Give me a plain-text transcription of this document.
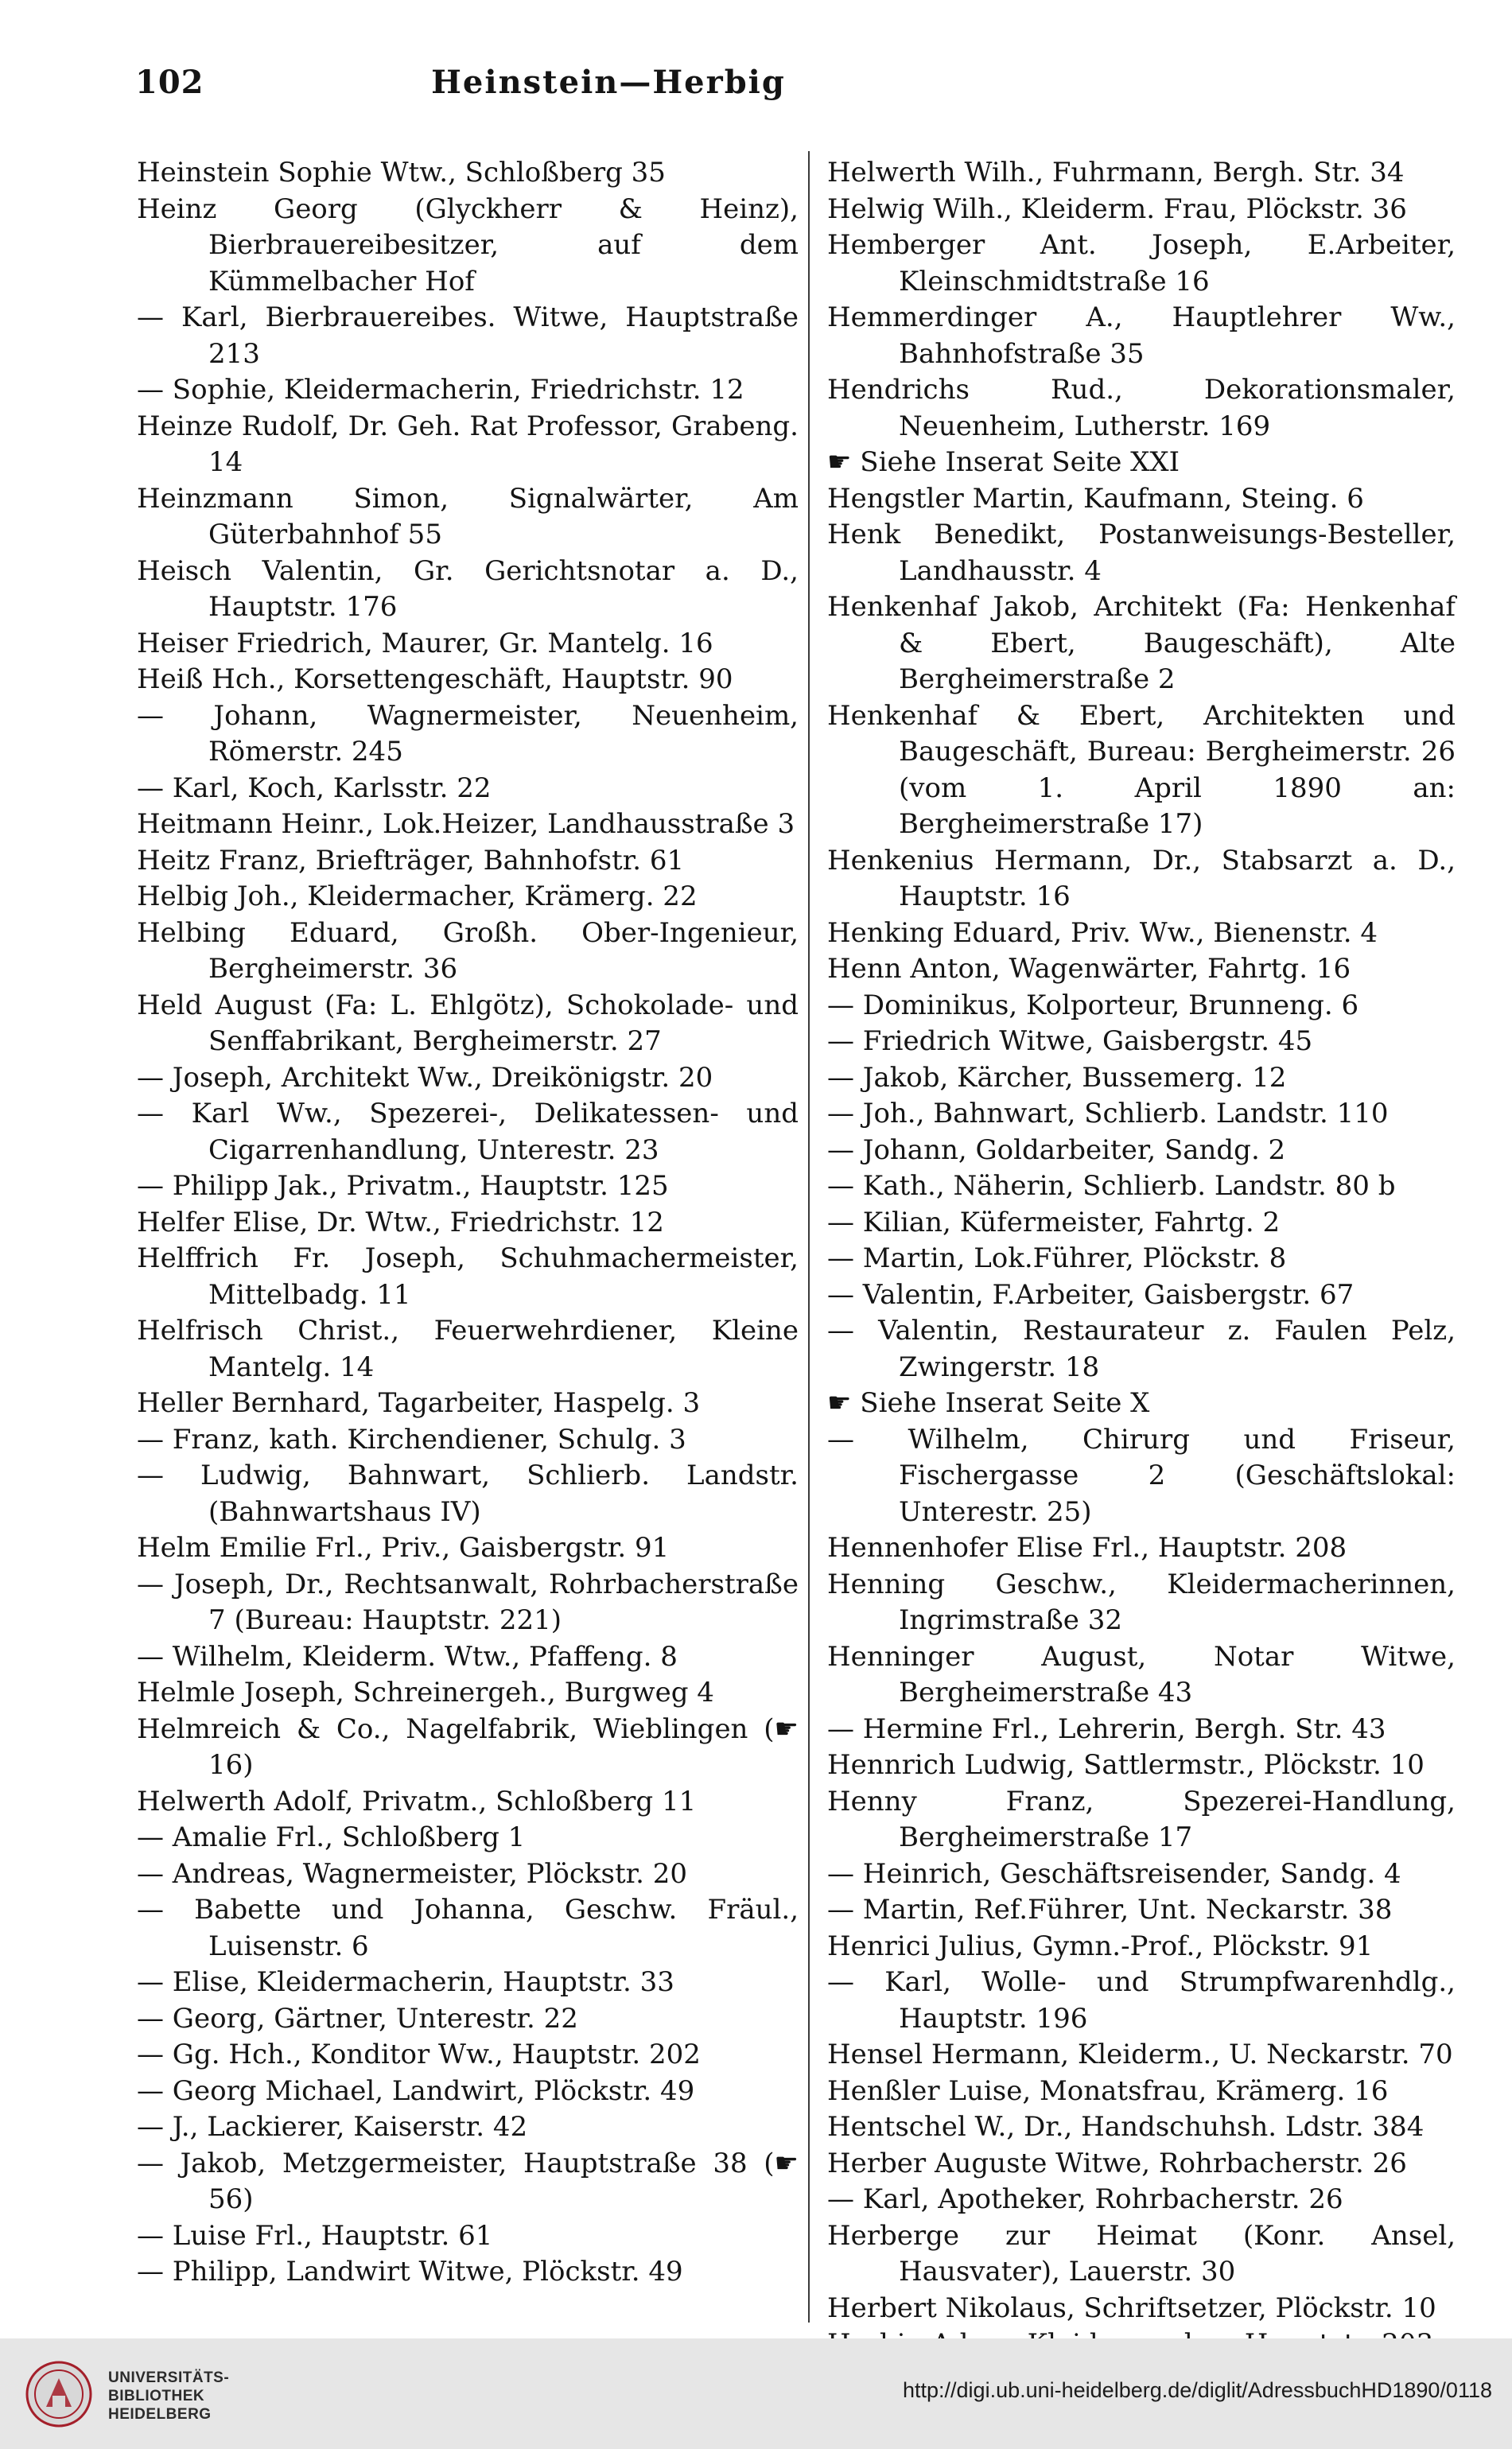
102	Heinstein—Herbig

Heinstein Sophie Wtw., Schloßberg 35

Heinz Georg (Glyckherr & Heinz), Bierbrauereibesitzer, auf dem Kümmelbacher Hof

— Karl, Bierbrauereibes. Witwe, Hauptstraße 213

— Sophie, Kleidermacherin, Friedrichstr. 12

Heinze Rudolf, Dr. Geh. Rat Professor, Grabeng. 14

Heinzmann Simon, Signalwärter, Am Güterbahnhof 55

Heisch Valentin, Gr. Gerichtsnotar a. D., Hauptstr. 176

Heiser Friedrich, Maurer, Gr. Mantelg. 16

Heiß Hch., Korsettengeschäft, Hauptstr. 90

— Johann, Wagnermeister, Neuenheim, Römerstr. 245

— Karl, Koch, Karlsstr. 22

Heitmann Heinr., Lok.Heizer, Landhausstraße 3

Heitz Franz, Briefträger, Bahnhofstr. 61

Helbig Joh., Kleidermacher, Krämerg. 22

Helbing Eduard, Großh. Ober-Ingenieur, Bergheimerstr. 36

Held August (Fa: L. Ehlgötz), Schokolade- und Senffabrikant, Bergheimerstr. 27

— Joseph, Architekt Ww., Dreikönigstr. 20

— Karl Ww., Spezerei-, Delikatessen- und Cigarrenhandlung, Unterestr. 23

— Philipp Jak., Privatm., Hauptstr. 125

Helfer Elise, Dr. Wtw., Friedrichstr. 12

Helffrich Fr. Joseph, Schuhmachermeister, Mittelbadg. 11

Helfrisch Christ., Feuerwehrdiener, Kleine Mantelg. 14

Heller Bernhard, Tagarbeiter, Haspelg. 3

— Franz, kath. Kirchendiener, Schulg. 3

— Ludwig, Bahnwart, Schlierb. Landstr. (Bahnwartshaus IV)

Helm Emilie Frl., Priv., Gaisbergstr. 91

— Joseph, Dr., Rechtsanwalt, Rohrbacherstraße 7 (Bureau: Hauptstr. 221)

— Wilhelm, Kleiderm. Wtw., Pfaffeng. 8

Helmle Joseph, Schreinergeh., Burgweg 4

Helmreich & Co., Nagelfabrik, Wieblingen (☛ 16)

Helwerth Adolf, Privatm., Schloßberg 11

— Amalie Frl., Schloßberg 1

— Andreas, Wagnermeister, Plöckstr. 20

— Babette und Johanna, Geschw. Fräul., Luisenstr. 6

— Elise, Kleidermacherin, Hauptstr. 33

— Georg, Gärtner, Unterestr. 22

— Gg. Hch., Konditor Ww., Hauptstr. 202

— Georg Michael, Landwirt, Plöckstr. 49

— J., Lackierer, Kaiserstr. 42

— Jakob, Metzgermeister, Hauptstraße 38 (☛ 56)

— Luise Frl., Hauptstr. 61

— Philipp, Landwirt Witwe, Plöckstr. 49

Helwerth Wilh., Fuhrmann, Bergh. Str. 34

Helwig Wilh., Kleiderm. Frau, Plöckstr. 36

Hemberger Ant. Joseph, E.Arbeiter, Kleinschmidtstraße 16

Hemmerdinger A., Hauptlehrer Ww., Bahnhofstraße 35

Hendrichs Rud., Dekorationsmaler, Neuenheim, Lutherstr. 169

☛ Siehe Inserat Seite XXI

Hengstler Martin, Kaufmann, Steing. 6

Henk Benedikt, Postanweisungs-Besteller, Landhausstr. 4

Henkenhaf Jakob, Architekt (Fa: Henkenhaf & Ebert, Baugeschäft), Alte Bergheimerstraße 2

Henkenhaf & Ebert, Architekten und Baugeschäft, Bureau: Bergheimerstr. 26 (vom 1. April 1890 an: Bergheimerstraße 17)

Henkenius Hermann, Dr., Stabsarzt a. D., Hauptstr. 16

Henking Eduard, Priv. Ww., Bienenstr. 4

Henn Anton, Wagenwärter, Fahrtg. 16

— Dominikus, Kolporteur, Brunneng. 6

— Friedrich Witwe, Gaisbergstr. 45

— Jakob, Kärcher, Bussemerg. 12

— Joh., Bahnwart, Schlierb. Landstr. 110

— Johann, Goldarbeiter, Sandg. 2

— Kath., Näherin, Schlierb. Landstr. 80 b

— Kilian, Küfermeister, Fahrtg. 2

— Martin, Lok.Führer, Plöckstr. 8

— Valentin, F.Arbeiter, Gaisbergstr. 67

— Valentin, Restaurateur z. Faulen Pelz, Zwingerstr. 18

☛ Siehe Inserat Seite X

— Wilhelm, Chirurg und Friseur, Fischergasse 2 (Geschäftslokal: Unterestr. 25)

Hennenhofer Elise Frl., Hauptstr. 208

Henning Geschw., Kleidermacherinnen, Ingrimstraße 32

Henninger August, Notar Witwe, Bergheimerstraße 43

— Hermine Frl., Lehrerin, Bergh. Str. 43

Hennrich Ludwig, Sattlermstr., Plöckstr. 10

Henny Franz, Spezerei-Handlung, Bergheimerstraße 17

— Heinrich, Geschäftsreisender, Sandg. 4

— Martin, Ref.Führer, Unt. Neckarstr. 38

Henrici Julius, Gymn.-Prof., Plöckstr. 91

— Karl, Wolle- und Strumpfwarenhdlg., Hauptstr. 196

Hensel Hermann, Kleiderm., U. Neckarstr. 70

Henßler Luise, Monatsfrau, Krämerg. 16

Hentschel W., Dr., Handschuhsh. Ldstr. 384

Herber Auguste Witwe, Rohrbacherstr. 26

— Karl, Apotheker, Rohrbacherstr. 26

Herberge zur Heimat (Konr. Ansel, Hausvater), Lauerstr. 30

Herbert Nikolaus, Schriftsetzer, Plöckstr. 10

UNIVERSITÄTS-
BIBLIOTHEK
HEIDELBERG
http://digi.ub.uni-heidelberg.de/diglit/AdressbuchHD1890/0118
